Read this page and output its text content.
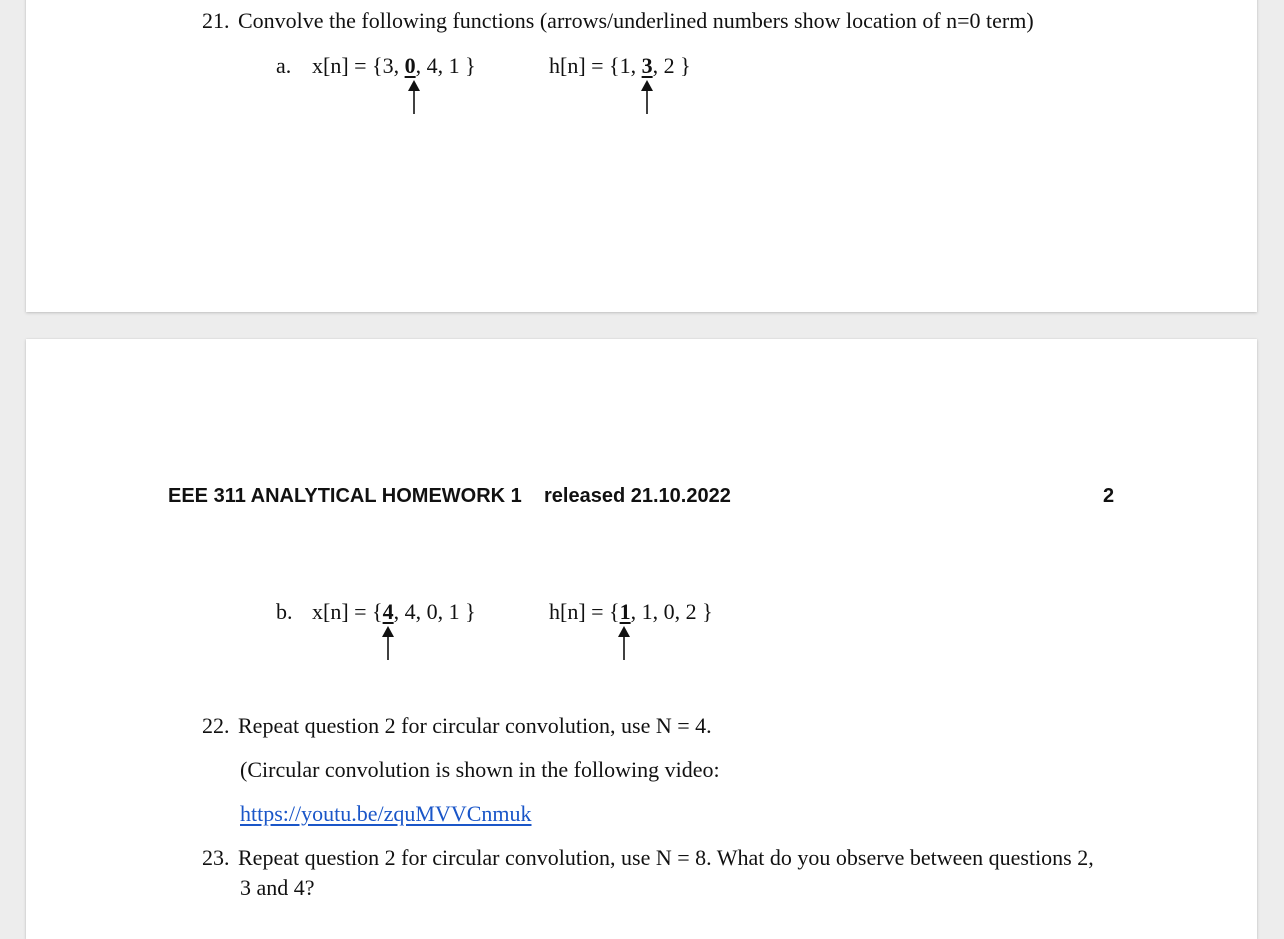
21. Convolve the following functions (arrows/underlined numbers show location of n=0 term)
a. x[n] = {3, 0, 4, 1 }	h[n] = {1, 3, 2 }
EEE 311 ANALYTICAL HOMEWORK 1 released 21.10.2022	2
b. x[n] = {4, 4, 0, 1 }	h[n] = {1, 1, 0, 2 }
22. Repeat question 2 for circular convolution, use N = 4.
(Circular convolution is shown in the following video:
https://youtu.be/zquMVVCnmuk
23. Repeat question 2 for circular convolution, use N = 8. What do you observe between questions 2,
3 and 4?
